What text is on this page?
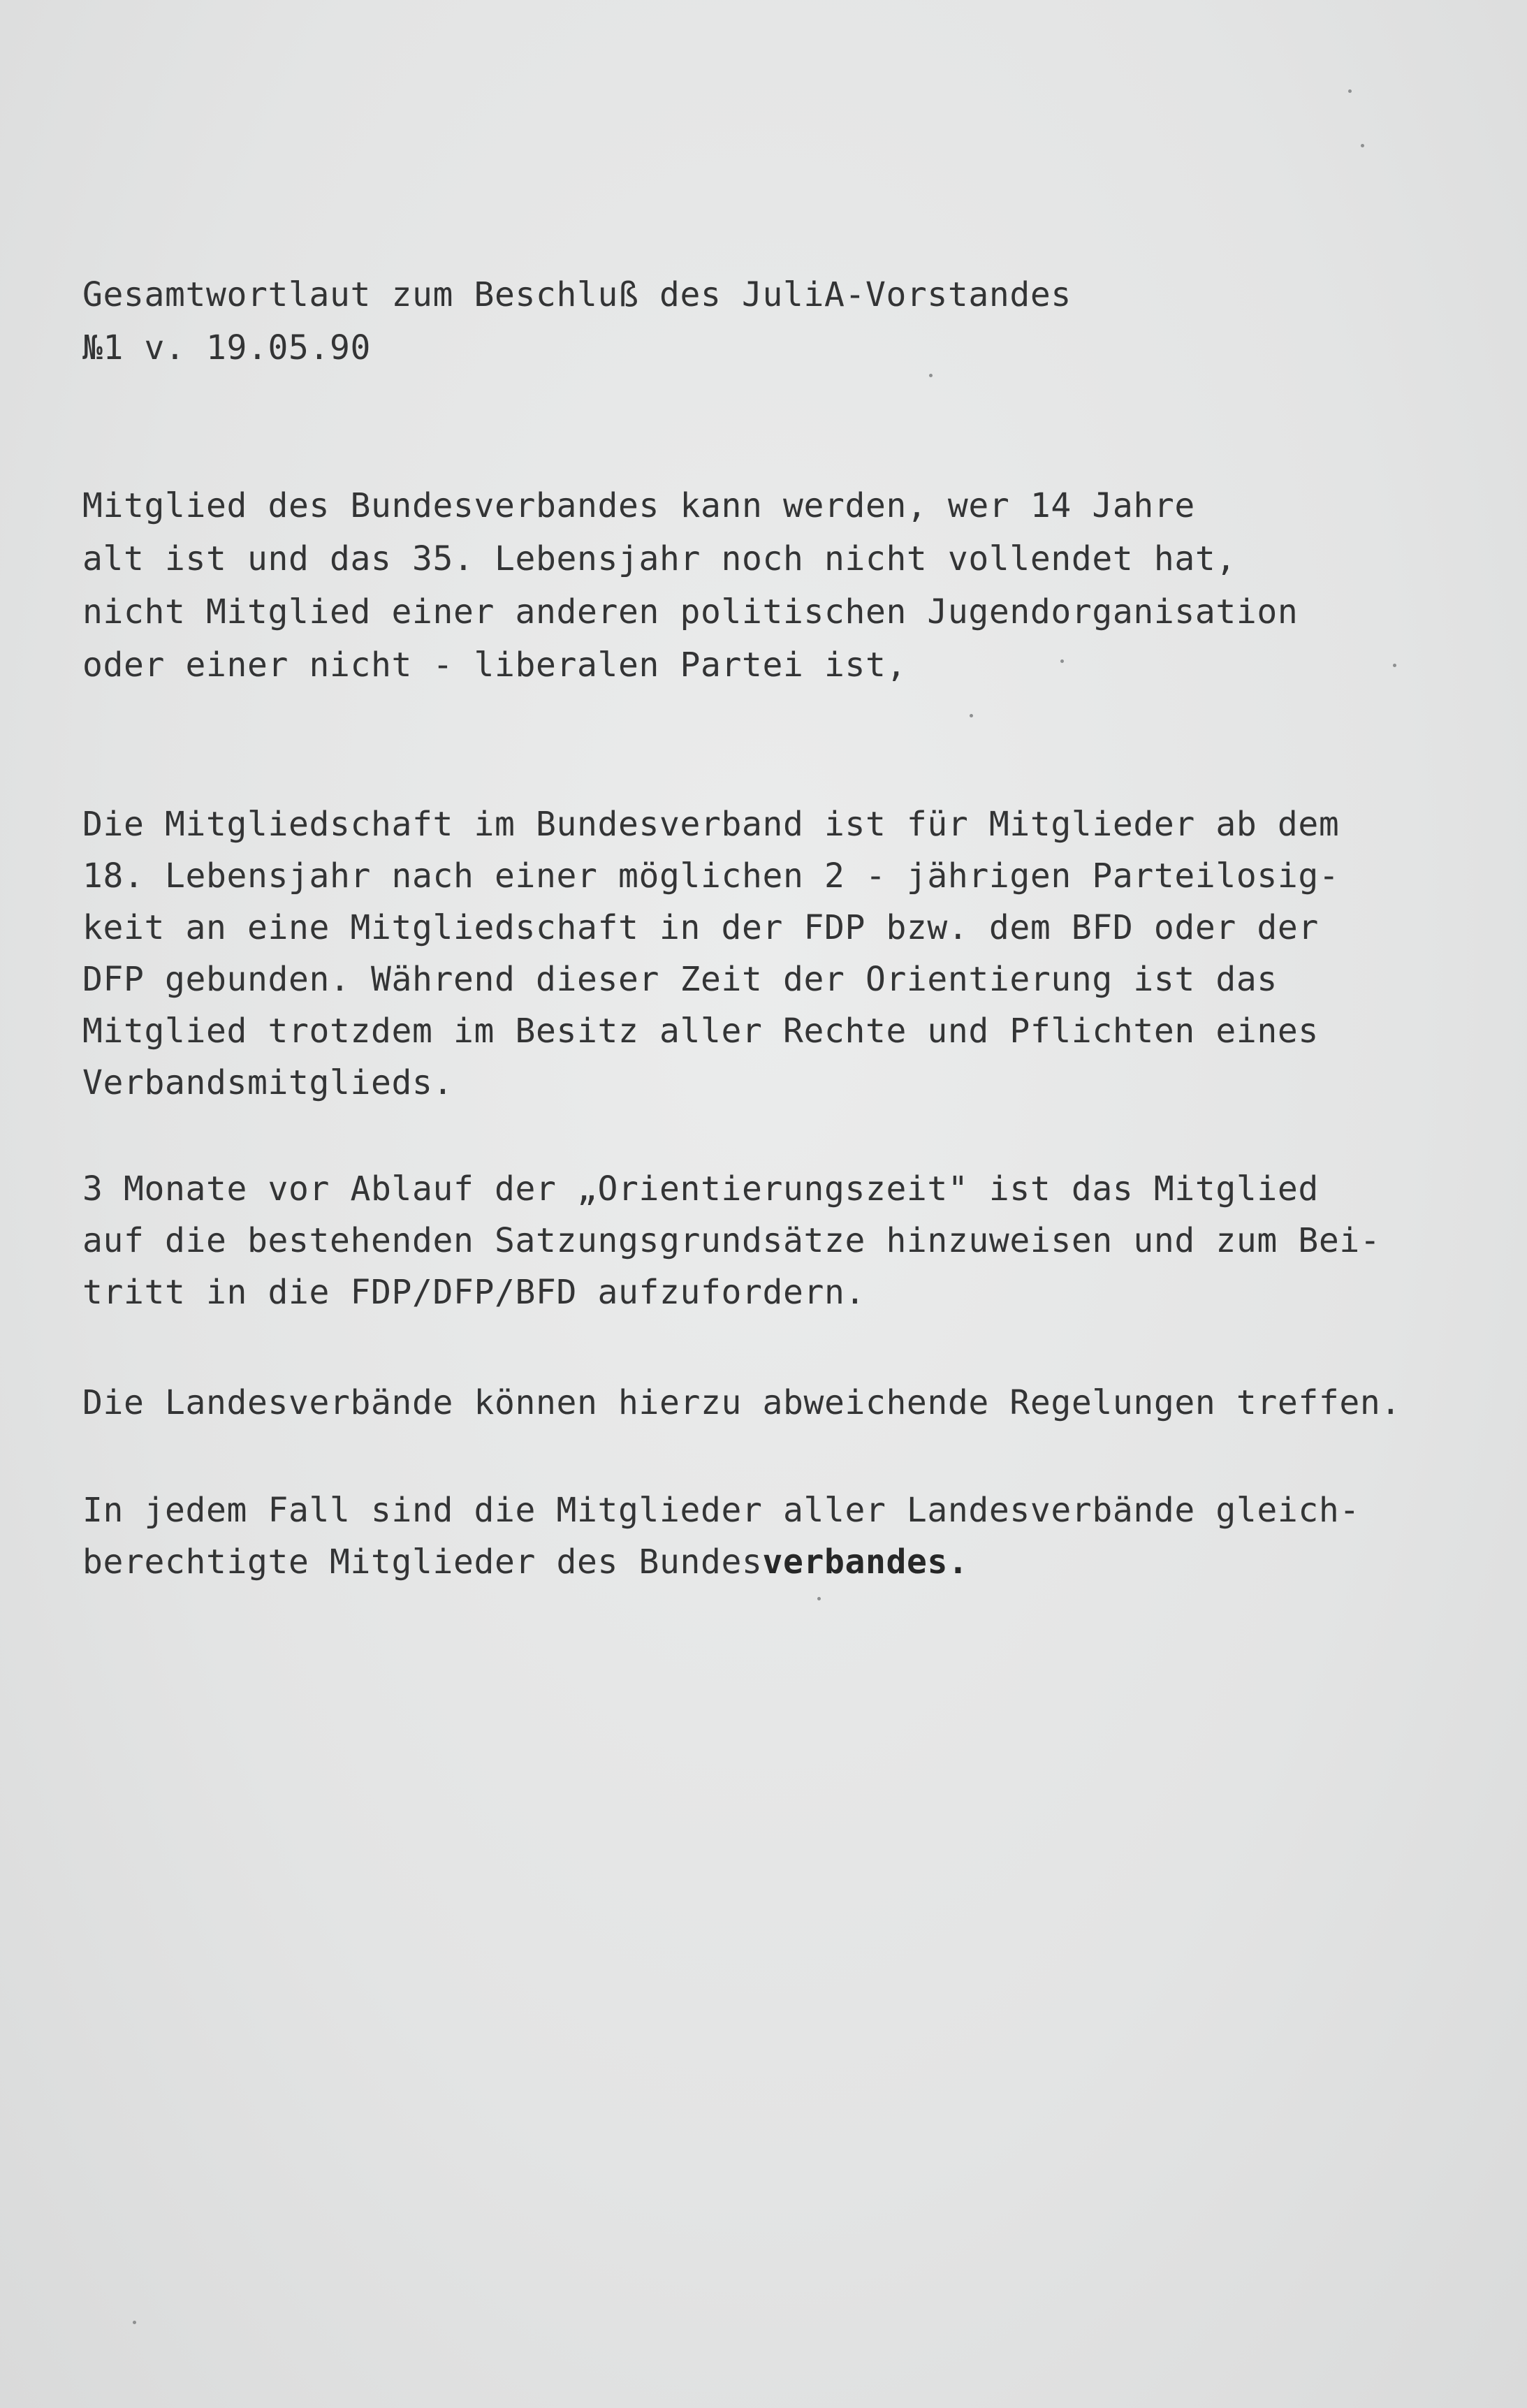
Gesamtwortlaut zum Beschluß des JuliA-Vorstandes

№1 v. 19.05.90

Mitglied des Bundesverbandes kann werden, wer 14 Jahre

alt ist und das 35. Lebensjahr noch nicht vollendet hat,

nicht Mitglied einer anderen politischen Jugendorganisation

oder einer nicht - liberalen Partei ist,

Die Mitgliedschaft im Bundesverband ist für Mitglieder ab dem

18. Lebensjahr nach einer möglichen 2 - jährigen Parteilosig-

keit an eine Mitgliedschaft in der FDP bzw. dem BFD oder der

DFP gebunden. Während dieser Zeit der Orientierung ist das

Mitglied trotzdem im Besitz aller Rechte und Pflichten eines

Verbandsmitglieds.

3 Monate vor Ablauf der „Orientierungszeit" ist das Mitglied

auf die bestehenden Satzungsgrundsätze hinzuweisen und zum Bei-

tritt in die FDP/DFP/BFD aufzufordern.

Die Landesverbände können hierzu abweichende Regelungen treffen.

In jedem Fall sind die Mitglieder aller Landesverbände gleich-

berechtigte Mitglieder des Bundesverbandes.
